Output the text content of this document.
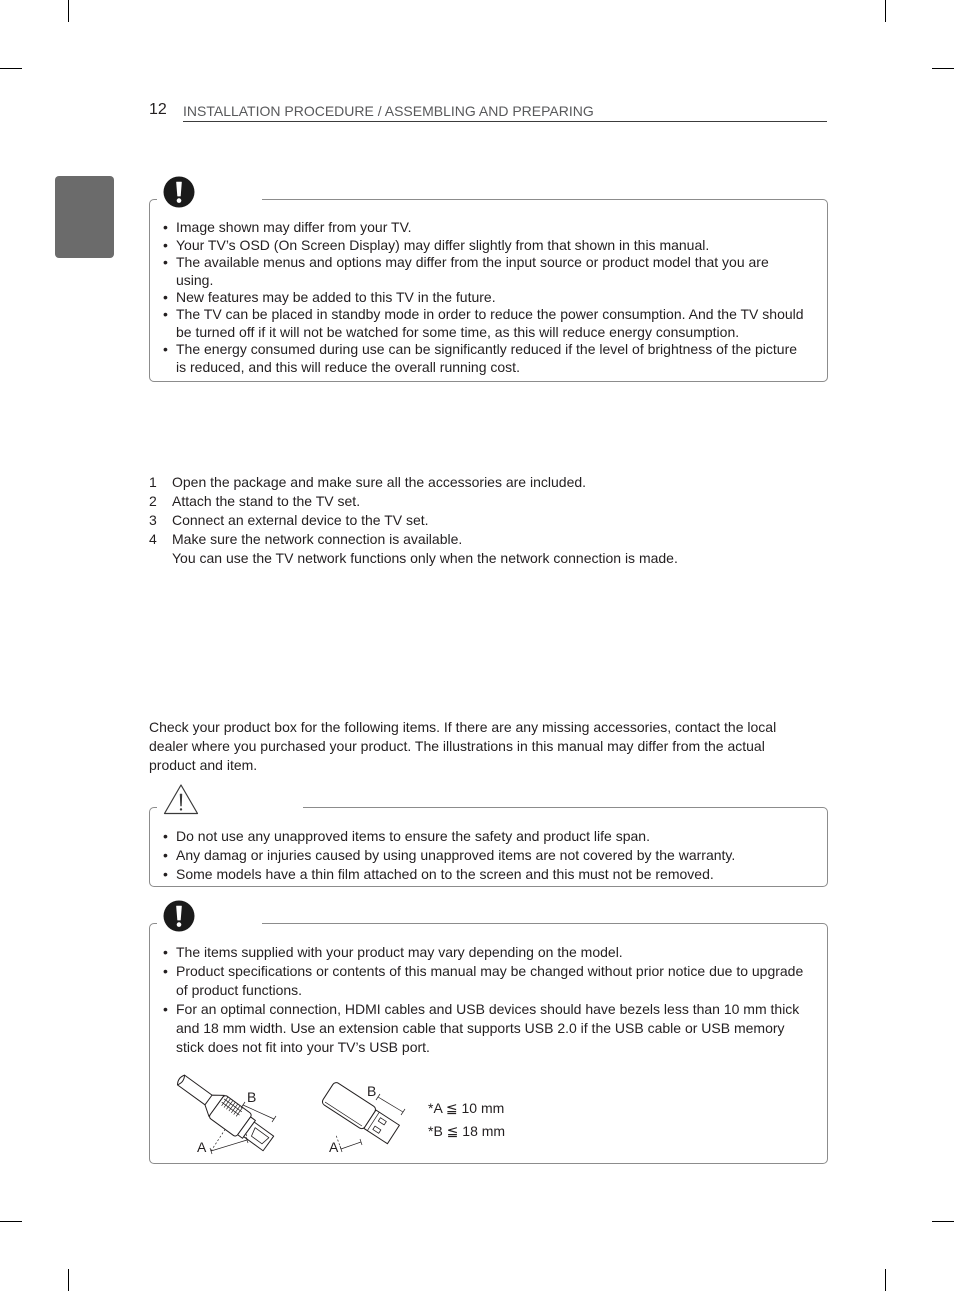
12 INSTALLATION PROCEDURE / ASSEMBLING AND PREPARING
• Image shown may differ from your TV.
• Your TV’s OSD (On Screen Display) may differ slightly from that shown in this manual.
• The available menus and options may differ from the input source or product model that you are
using.
• New features may be added to this TV in the future.
• The TV can be placed in standby mode in order to reduce the power consumption. And the TV should
be turned off if it will not be watched for some time, as this will reduce energy consumption.
• The energy consumed during use can be significantly reduced if the level of brightness of the picture
is reduced, and this will reduce the overall running cost.
1 Open the package and make sure all the accessories are included.
2 Attach the stand to the TV set.
3 Connect an external device to the TV set.
4 Make sure the network connection is available.
You can use the TV network functions only when the network connection is made.
Check your product box for the following items. If there are any missing accessories, contact the local
dealer where you purchased your product. The illustrations in this manual may differ from the actual
product and item.
• Do not use any unapproved items to ensure the safety and product life span.
• Any damag or injuries caused by using unapproved items are not covered by the warranty.
• Some models have a thin film attached on to the screen and this must not be removed.
• The items supplied with your product may vary depending on the model.
• Product specifications or contents of this manual may be changed without prior notice due to upgrade
of product functions.
• For an optimal connection, HDMI cables and USB devices should have bezels less than 10 mm thick
and 18 mm width. Use an extension cable that supports USB 2.0 if the USB cable or USB memory
stick does not fit into your TV’s USB port.
B
A
B
A
*A ≦ 10 mm
*B ≦ 18 mm
